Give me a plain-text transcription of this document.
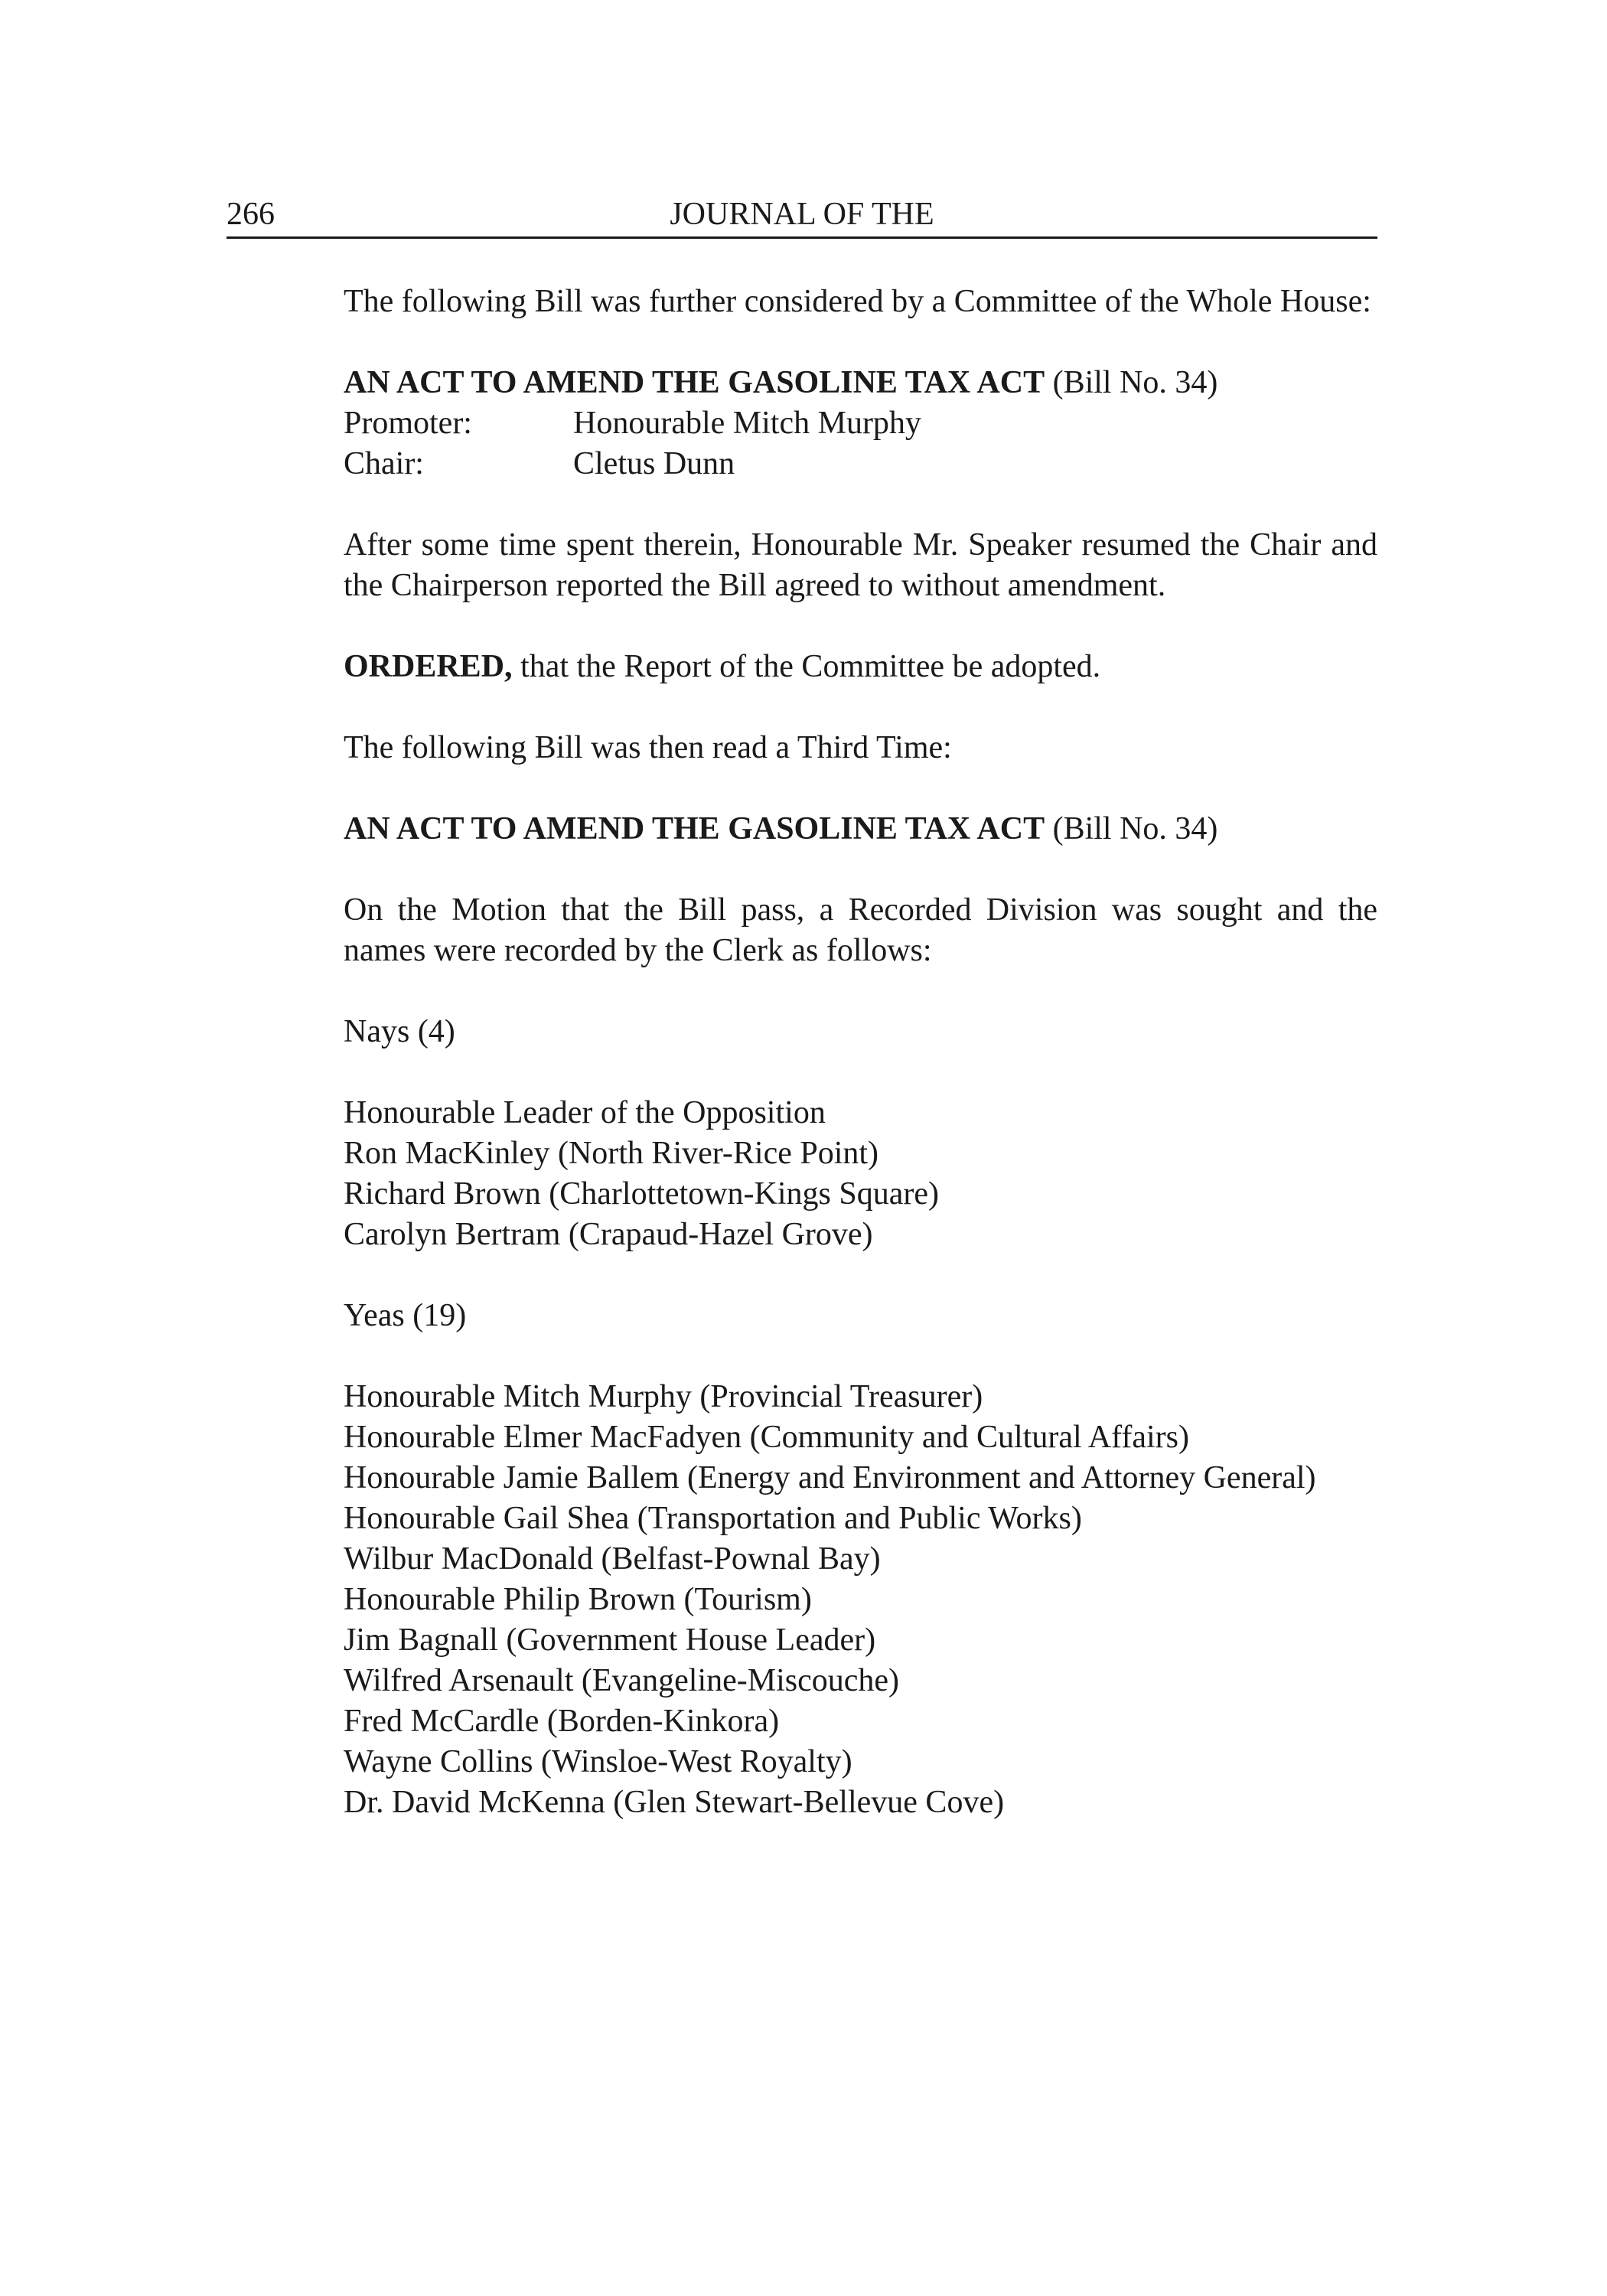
266	JOURNAL OF THE

The following Bill was further considered by a Committee of the Whole House:

AN ACT TO AMEND THE GASOLINE TAX ACT (Bill No. 34)
Promoter:	Honourable Mitch Murphy
Chair:	Cletus Dunn

After some time spent therein, Honourable Mr. Speaker resumed the Chair and the Chairperson reported the Bill agreed to without amendment.

ORDERED, that the Report of the Committee be adopted.

The following Bill was then read a Third Time:

AN ACT TO AMEND THE GASOLINE TAX ACT (Bill No. 34)

On the Motion that the Bill pass, a Recorded Division was sought and the names were recorded by the Clerk as follows:

Nays (4)

Honourable Leader of the Opposition
Ron MacKinley (North River-Rice Point)
Richard Brown (Charlottetown-Kings Square)
Carolyn Bertram (Crapaud-Hazel Grove)

Yeas (19)

Honourable Mitch Murphy (Provincial Treasurer)
Honourable Elmer MacFadyen (Community and Cultural Affairs)
Honourable Jamie Ballem (Energy and Environment and Attorney General)
Honourable Gail Shea (Transportation and Public Works)
Wilbur MacDonald (Belfast-Pownal Bay)
Honourable Philip Brown (Tourism)
Jim Bagnall (Government House Leader)
Wilfred Arsenault (Evangeline-Miscouche)
Fred McCardle (Borden-Kinkora)
Wayne Collins (Winsloe-West Royalty)
Dr. David McKenna (Glen Stewart-Bellevue Cove)
